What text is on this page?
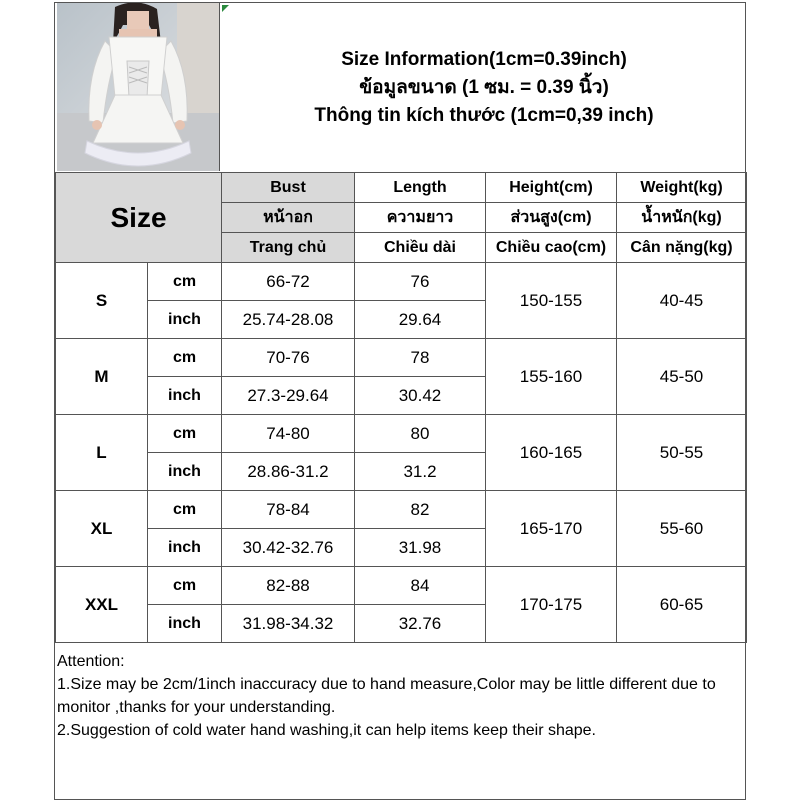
Size Information(1cm=0.39inch)
ข้อมูลขนาด (1 ซม. = 0.39 นิ้ว)
Thông tin kích thước (1cm=0,39 inch)
Size		Bust	Length	Height(cm)	Weight(kg)
		หน้าอก	ความยาว	ส่วนสูง(cm)	น้ำหนัก(kg)
		Trang chủ	Chiều dài	Chiều cao(cm)	Cân nặng(kg)
S	cm	66-72	76	150-155	40-45
	inch	25.74-28.08	29.64		
M	cm	70-76	78	155-160	45-50
	inch	27.3-29.64	30.42		
L	cm	74-80	80	160-165	50-55
	inch	28.86-31.2	31.2		
XL	cm	78-84	82	165-170	55-60
	inch	30.42-32.76	31.98		
XXL	cm	82-88	84	170-175	60-65
	inch	31.98-34.32	32.76		
Attention:
1.Size may be 2cm/1inch inaccuracy due to hand measure,Color may be little different due to monitor ,thanks for your understanding.
2.Suggestion of cold water hand washing,it can help items keep their shape.
